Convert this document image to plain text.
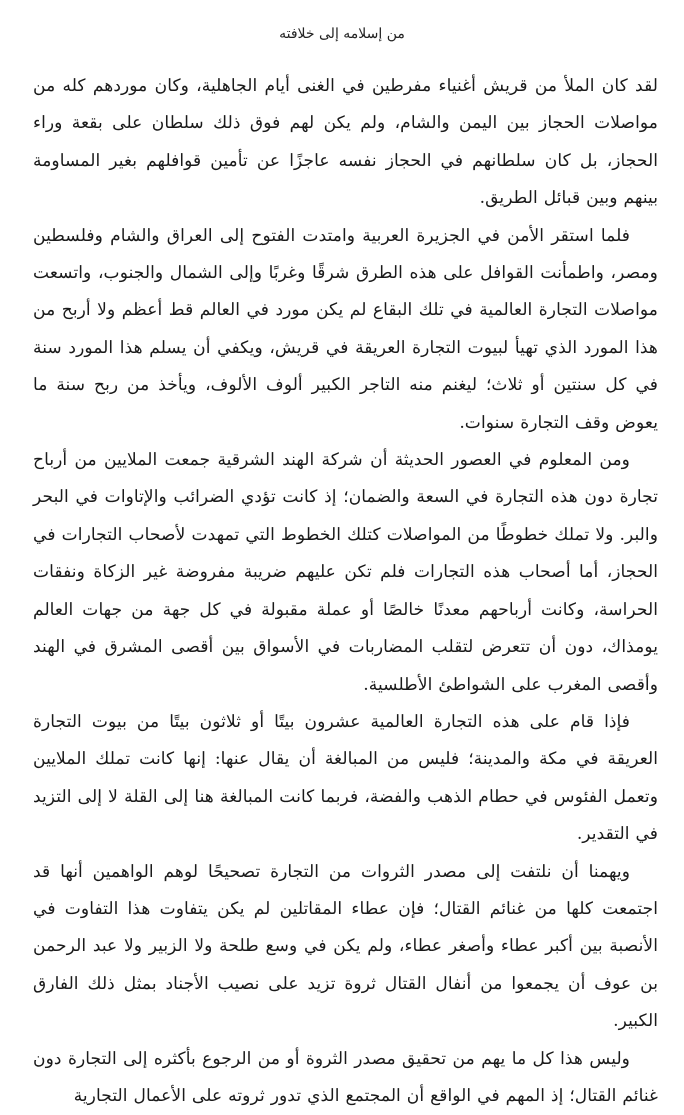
من إسلامه إلى خلافته

لقد كان الملأ من قريش أغنياء مفرطين في الغنى أيام الجاهلية، وكان موردهم كله من مواصلات الحجاز بين اليمن والشام، ولم يكن لهم فوق ذلك سلطان على بقعة وراء الحجاز، بل كان سلطانهم في الحجاز نفسه عاجزًا عن تأمين قوافلهم بغير المساومة بينهم وبين قبائل الطريق.

فلما استقر الأمن في الجزيرة العربية وامتدت الفتوح إلى العراق والشام وفلسطين ومصر، واطمأنت القوافل على هذه الطرق شرقًا وغربًا وإلى الشمال والجنوب، واتسعت مواصلات التجارة العالمية في تلك البقاع لم يكن مورد في العالم قط أعظم ولا أربح من هذا المورد الذي تهيأ لبيوت التجارة العريقة في قريش، ويكفي أن يسلم هذا المورد سنة في كل سنتين أو ثلاث؛ ليغنم منه التاجر الكبير ألوف الألوف، ويأخذ من ربح سنة ما يعوض وقف التجارة سنوات.

ومن المعلوم في العصور الحديثة أن شركة الهند الشرقية جمعت الملايين من أرباح تجارة دون هذه التجارة في السعة والضمان؛ إذ كانت تؤدي الضرائب والإتاوات في البحر والبر. ولا تملك خطوطًا من المواصلات كتلك الخطوط التي تمهدت لأصحاب التجارات في الحجاز، أما أصحاب هذه التجارات فلم تكن عليهم ضريبة مفروضة غير الزكاة ونفقات الحراسة، وكانت أرباحهم معدنًا خالصًا أو عملة مقبولة في كل جهة من جهات العالم يومذاك، دون أن تتعرض لتقلب المضاربات في الأسواق بين أقصى المشرق في الهند وأقصى المغرب على الشواطئ الأطلسية.

فإذا قام على هذه التجارة العالمية عشرون بيتًا أو ثلاثون بيتًا من بيوت التجارة العريقة في مكة والمدينة؛ فليس من المبالغة أن يقال عنها: إنها كانت تملك الملايين وتعمل الفئوس في حطام الذهب والفضة، فربما كانت المبالغة هنا إلى القلة لا إلى التزيد في التقدير.

ويهمنا أن نلتفت إلى مصدر الثروات من التجارة تصحيحًا لوهم الواهمين أنها قد اجتمعت كلها من غنائم القتال؛ فإن عطاء المقاتلين لم يكن يتفاوت هذا التفاوت في الأنصبة بين أكبر عطاء وأصغر عطاء، ولم يكن في وسع طلحة ولا الزبير ولا عبد الرحمن بن عوف أن يجمعوا من أنفال القتال ثروة تزيد على نصيب الأجناد بمثل ذلك الفارق الكبير.

وليس هذا كل ما يهم من تحقيق مصدر الثروة أو من الرجوع بأكثره إلى التجارة دون غنائم القتال؛ إذ المهم في الواقع أن المجتمع الذي تدور ثروته على الأعمال التجارية
